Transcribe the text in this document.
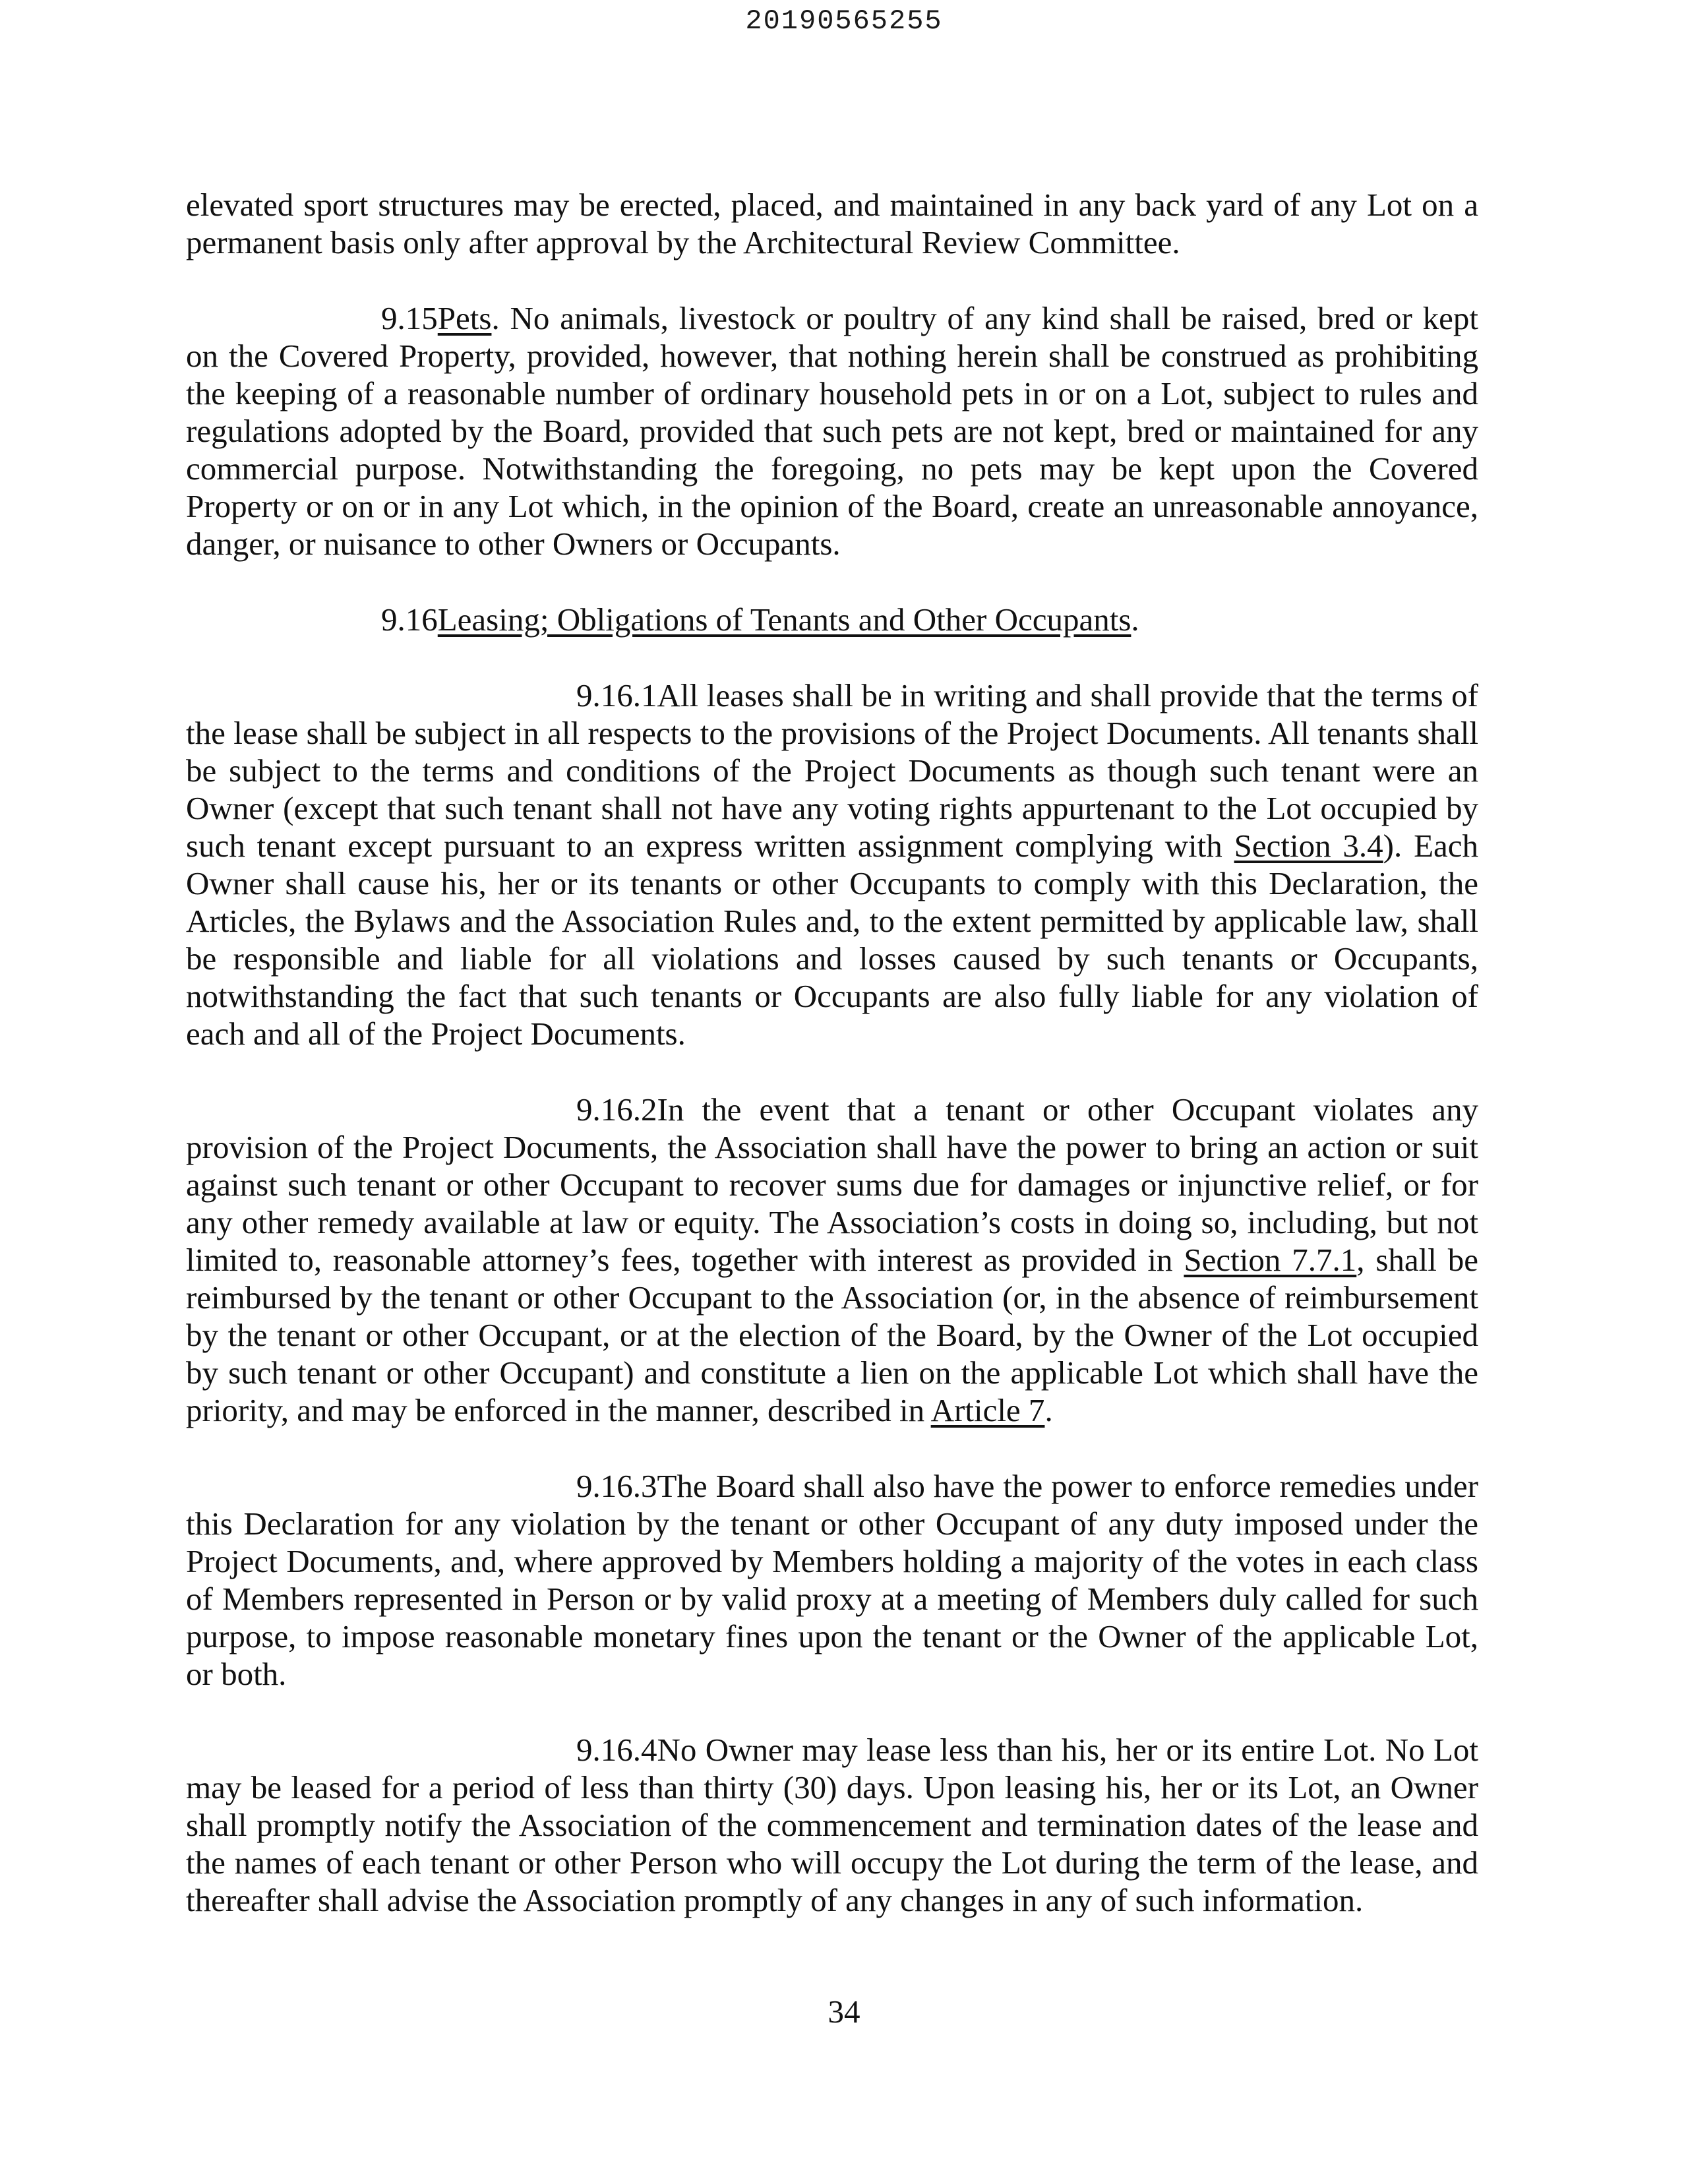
20190565255

elevated sport structures may be erected, placed, and maintained in any back yard of any Lot on a permanent basis only after approval by the Architectural Review Committee.

9.15Pets. No animals, livestock or poultry of any kind shall be raised, bred or kept on the Covered Property, provided, however, that nothing herein shall be construed as prohibiting the keeping of a reasonable number of ordinary household pets in or on a Lot, subject to rules and regulations adopted by the Board, provided that such pets are not kept, bred or maintained for any commercial purpose. Notwithstanding the foregoing, no pets may be kept upon the Covered Property or on or in any Lot which, in the opinion of the Board, create an unreasonable annoyance, danger, or nuisance to other Owners or Occupants.

9.16Leasing; Obligations of Tenants and Other Occupants.

9.16.1All leases shall be in writing and shall provide that the terms of the lease shall be subject in all respects to the provisions of the Project Documents. All tenants shall be subject to the terms and conditions of the Project Documents as though such tenant were an Owner (except that such tenant shall not have any voting rights appurtenant to the Lot occupied by such tenant except pursuant to an express written assignment complying with Section 3.4). Each Owner shall cause his, her or its tenants or other Occupants to comply with this Declaration, the Articles, the Bylaws and the Association Rules and, to the extent permitted by applicable law, shall be responsible and liable for all violations and losses caused by such tenants or Occupants, notwithstanding the fact that such tenants or Occupants are also fully liable for any violation of each and all of the Project Documents.

9.16.2In the event that a tenant or other Occupant violates any provision of the Project Documents, the Association shall have the power to bring an action or suit against such tenant or other Occupant to recover sums due for damages or injunctive relief, or for any other remedy available at law or equity. The Association’s costs in doing so, including, but not limited to, reasonable attorney’s fees, together with interest as provided in Section 7.7.1, shall be reimbursed by the tenant or other Occupant to the Association (or, in the absence of reimbursement by the tenant or other Occupant, or at the election of the Board, by the Owner of the Lot occupied by such tenant or other Occupant) and constitute a lien on the applicable Lot which shall have the priority, and may be enforced in the manner, described in Article 7.

9.16.3The Board shall also have the power to enforce remedies under this Declaration for any violation by the tenant or other Occupant of any duty imposed under the Project Documents, and, where approved by Members holding a majority of the votes in each class of Members represented in Person or by valid proxy at a meeting of Members duly called for such purpose, to impose reasonable monetary fines upon the tenant or the Owner of the applicable Lot, or both.

9.16.4No Owner may lease less than his, her or its entire Lot. No Lot may be leased for a period of less than thirty (30) days. Upon leasing his, her or its Lot, an Owner shall promptly notify the Association of the commencement and termination dates of the lease and the names of each tenant or other Person who will occupy the Lot during the term of the lease, and thereafter shall advise the Association promptly of any changes in any of such information.

34
